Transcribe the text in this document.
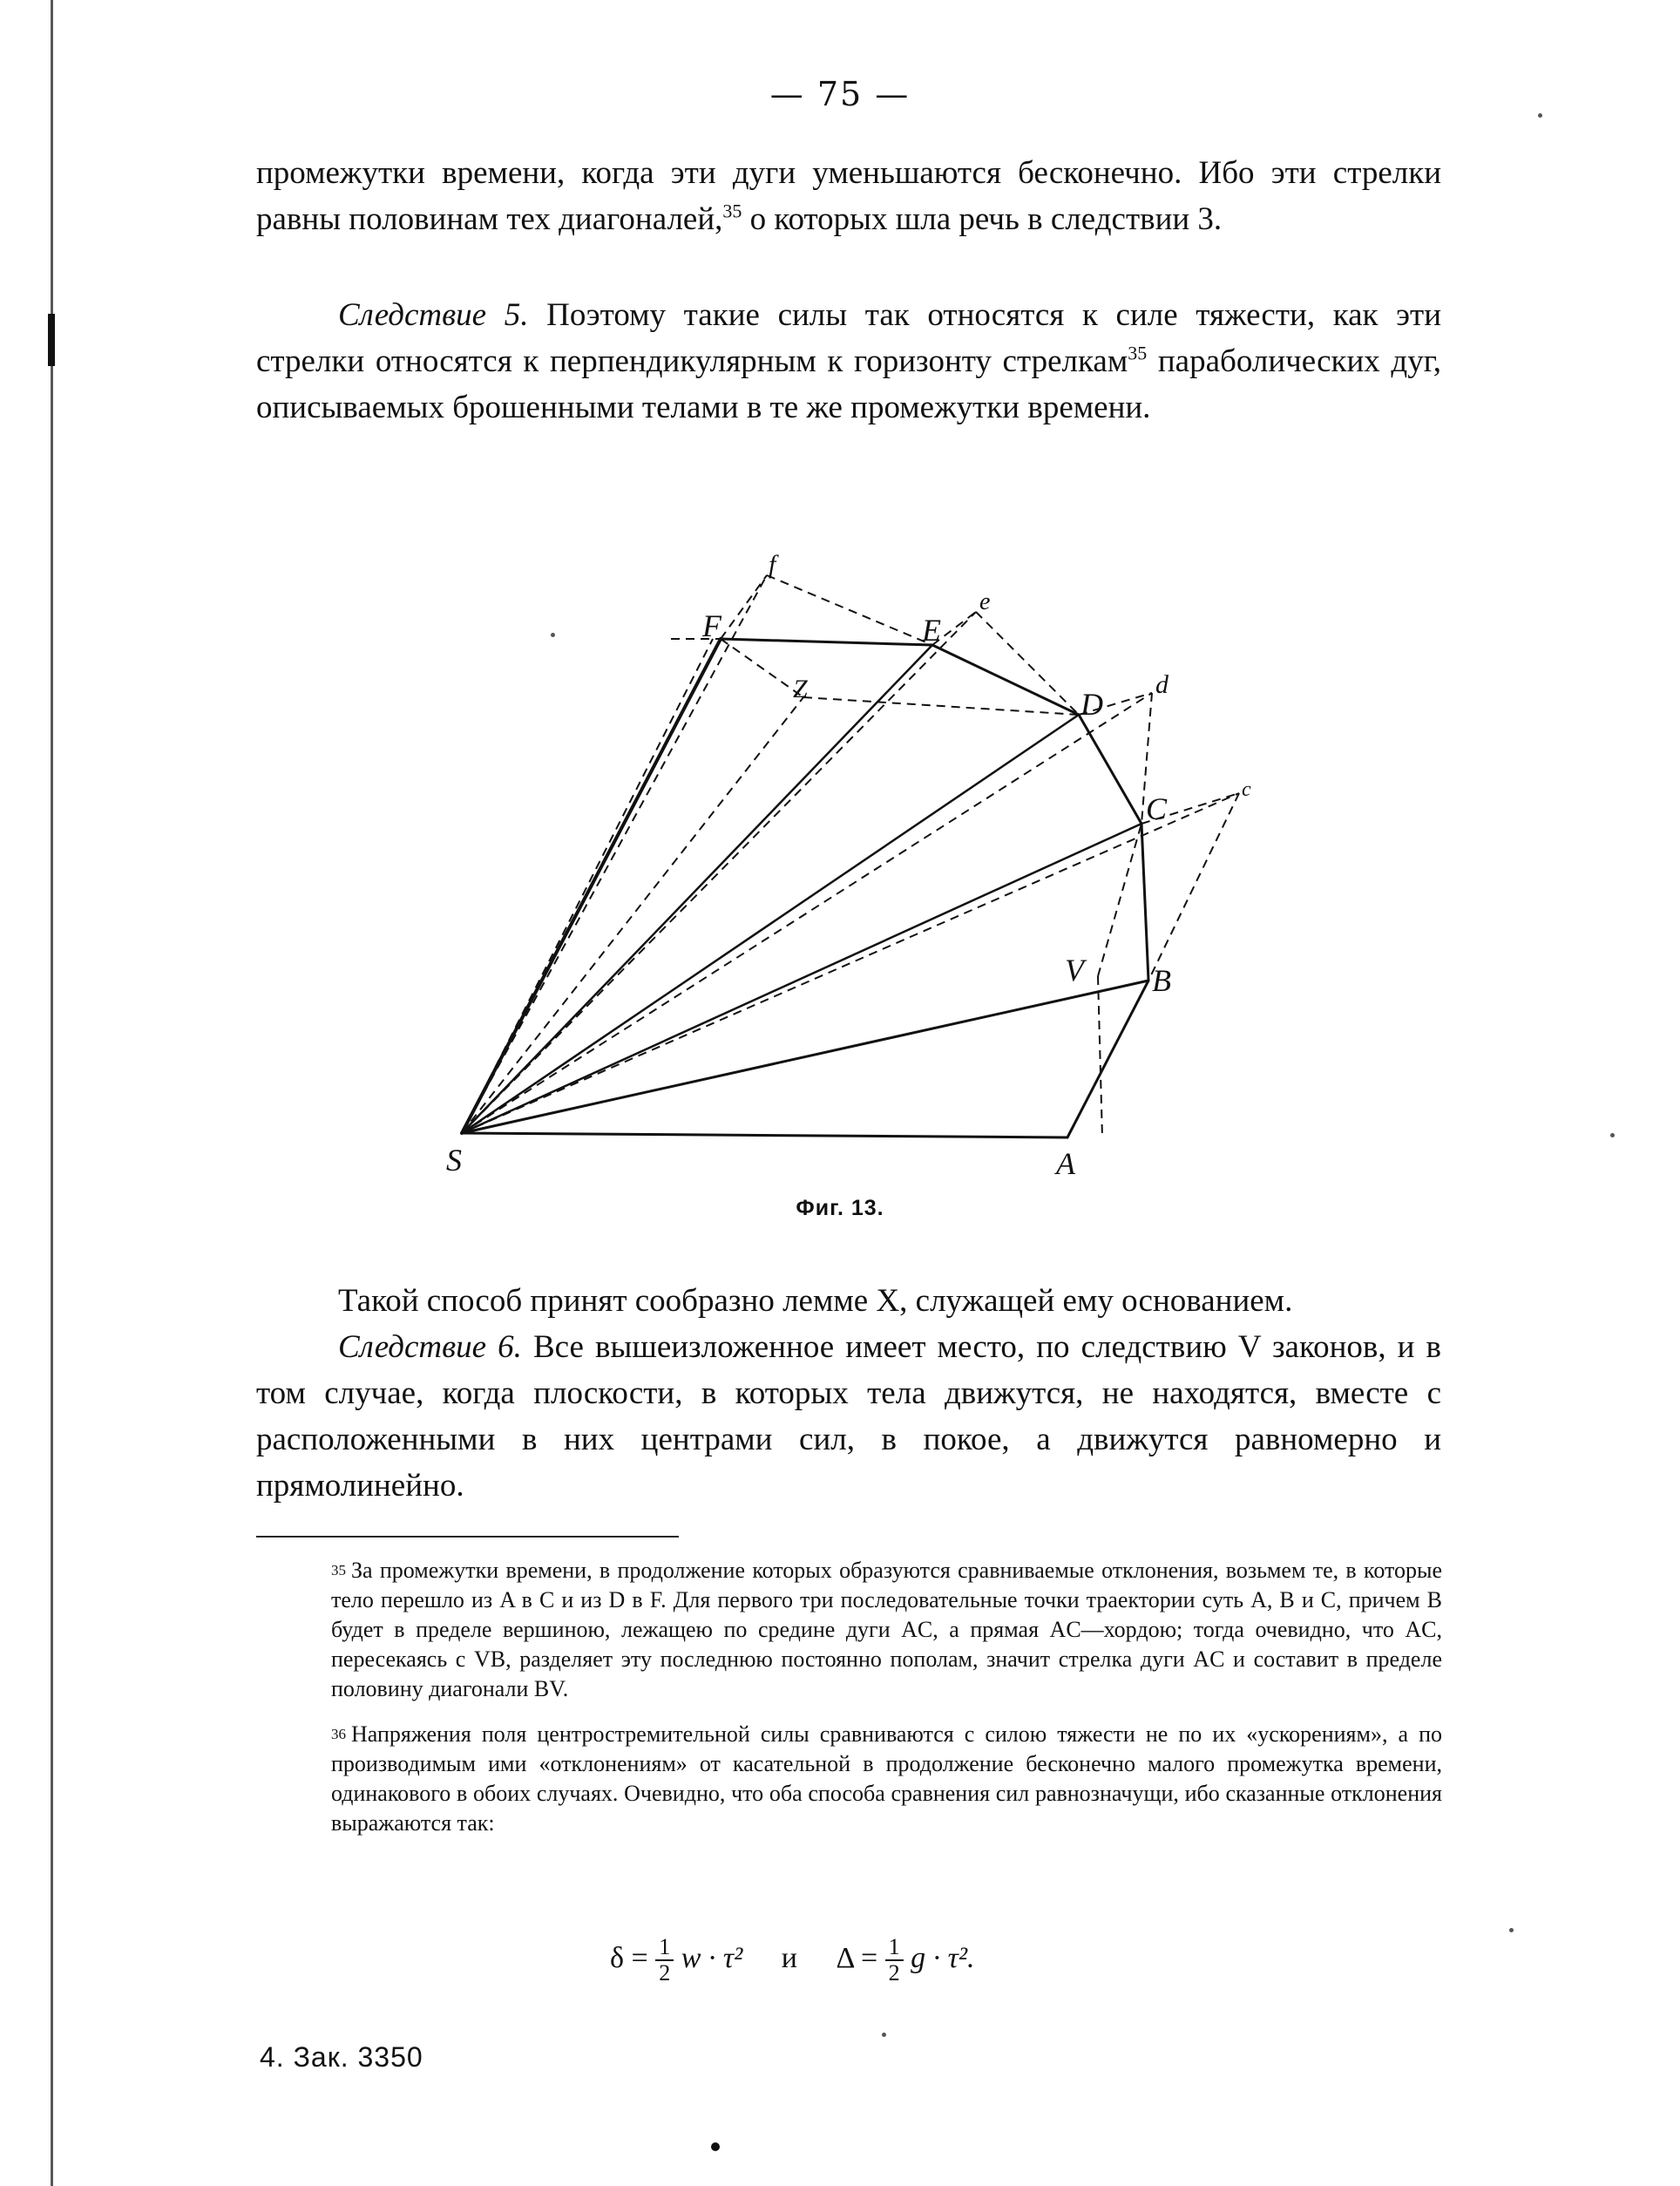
— 75 —

промежутки времени, когда эти дуги уменьшаются бесконечно. Ибо эти стрелки равны половинам тех диагоналей,$^{35}$ о которых шла речь в следствии 3.

Следствие 5. Поэтому такие силы так относятся к силе тяжести, как эти стрелки относятся к перпендикулярным к горизонту стрелкам$^{35}$ параболических дуг, описываемых брошенными телами в те же промежутки времени.

S	A
B
V
C
c
D
d
E
e
F
f
Z
Фиг. 13.

Такой способ принят сообразно лемме X, служащей ему основанием.

Следствие 6. Все вышеизложенное имеет место, по следствию V законов, и в том случае, когда плоскости, в которых тела движутся, не находятся, вместе с расположенными в них центрами сил, в покое, а движутся равномерно и прямолинейно.

$^{35}$ За промежутки времени, в продолжение которых образуются сравниваемые отклонения, возьмем те, в которые тело перешло из A в C и из D в F. Для первого три последовательные точки траектории суть A, B и C, причем B будет в пределе вершиною, лежащею по средине дуги AC, а прямая AC—хордою; тогда очевидно, что AC, пересекаясь с VB, разделяет эту последнюю постоянно пополам, значит стрелка дуги AC и составит в пределе половину диагонали BV.

$^{36}$ Напряжения поля центростремительной силы сравниваются с силою тяжести не по их «ускорениям», а по производимым ими «отклонениям» от касательной в продолжение бесконечно малого промежутка времени, одинакового в обоих случаях. Очевидно, что оба способа сравнения сил равнозначущи, ибо сказанные отклонения выражаются так:

$\delta = \frac{1}{2}$ w · τ² и $\Delta = \frac{1}{2}$ g · τ².
4. Зак. 3350
